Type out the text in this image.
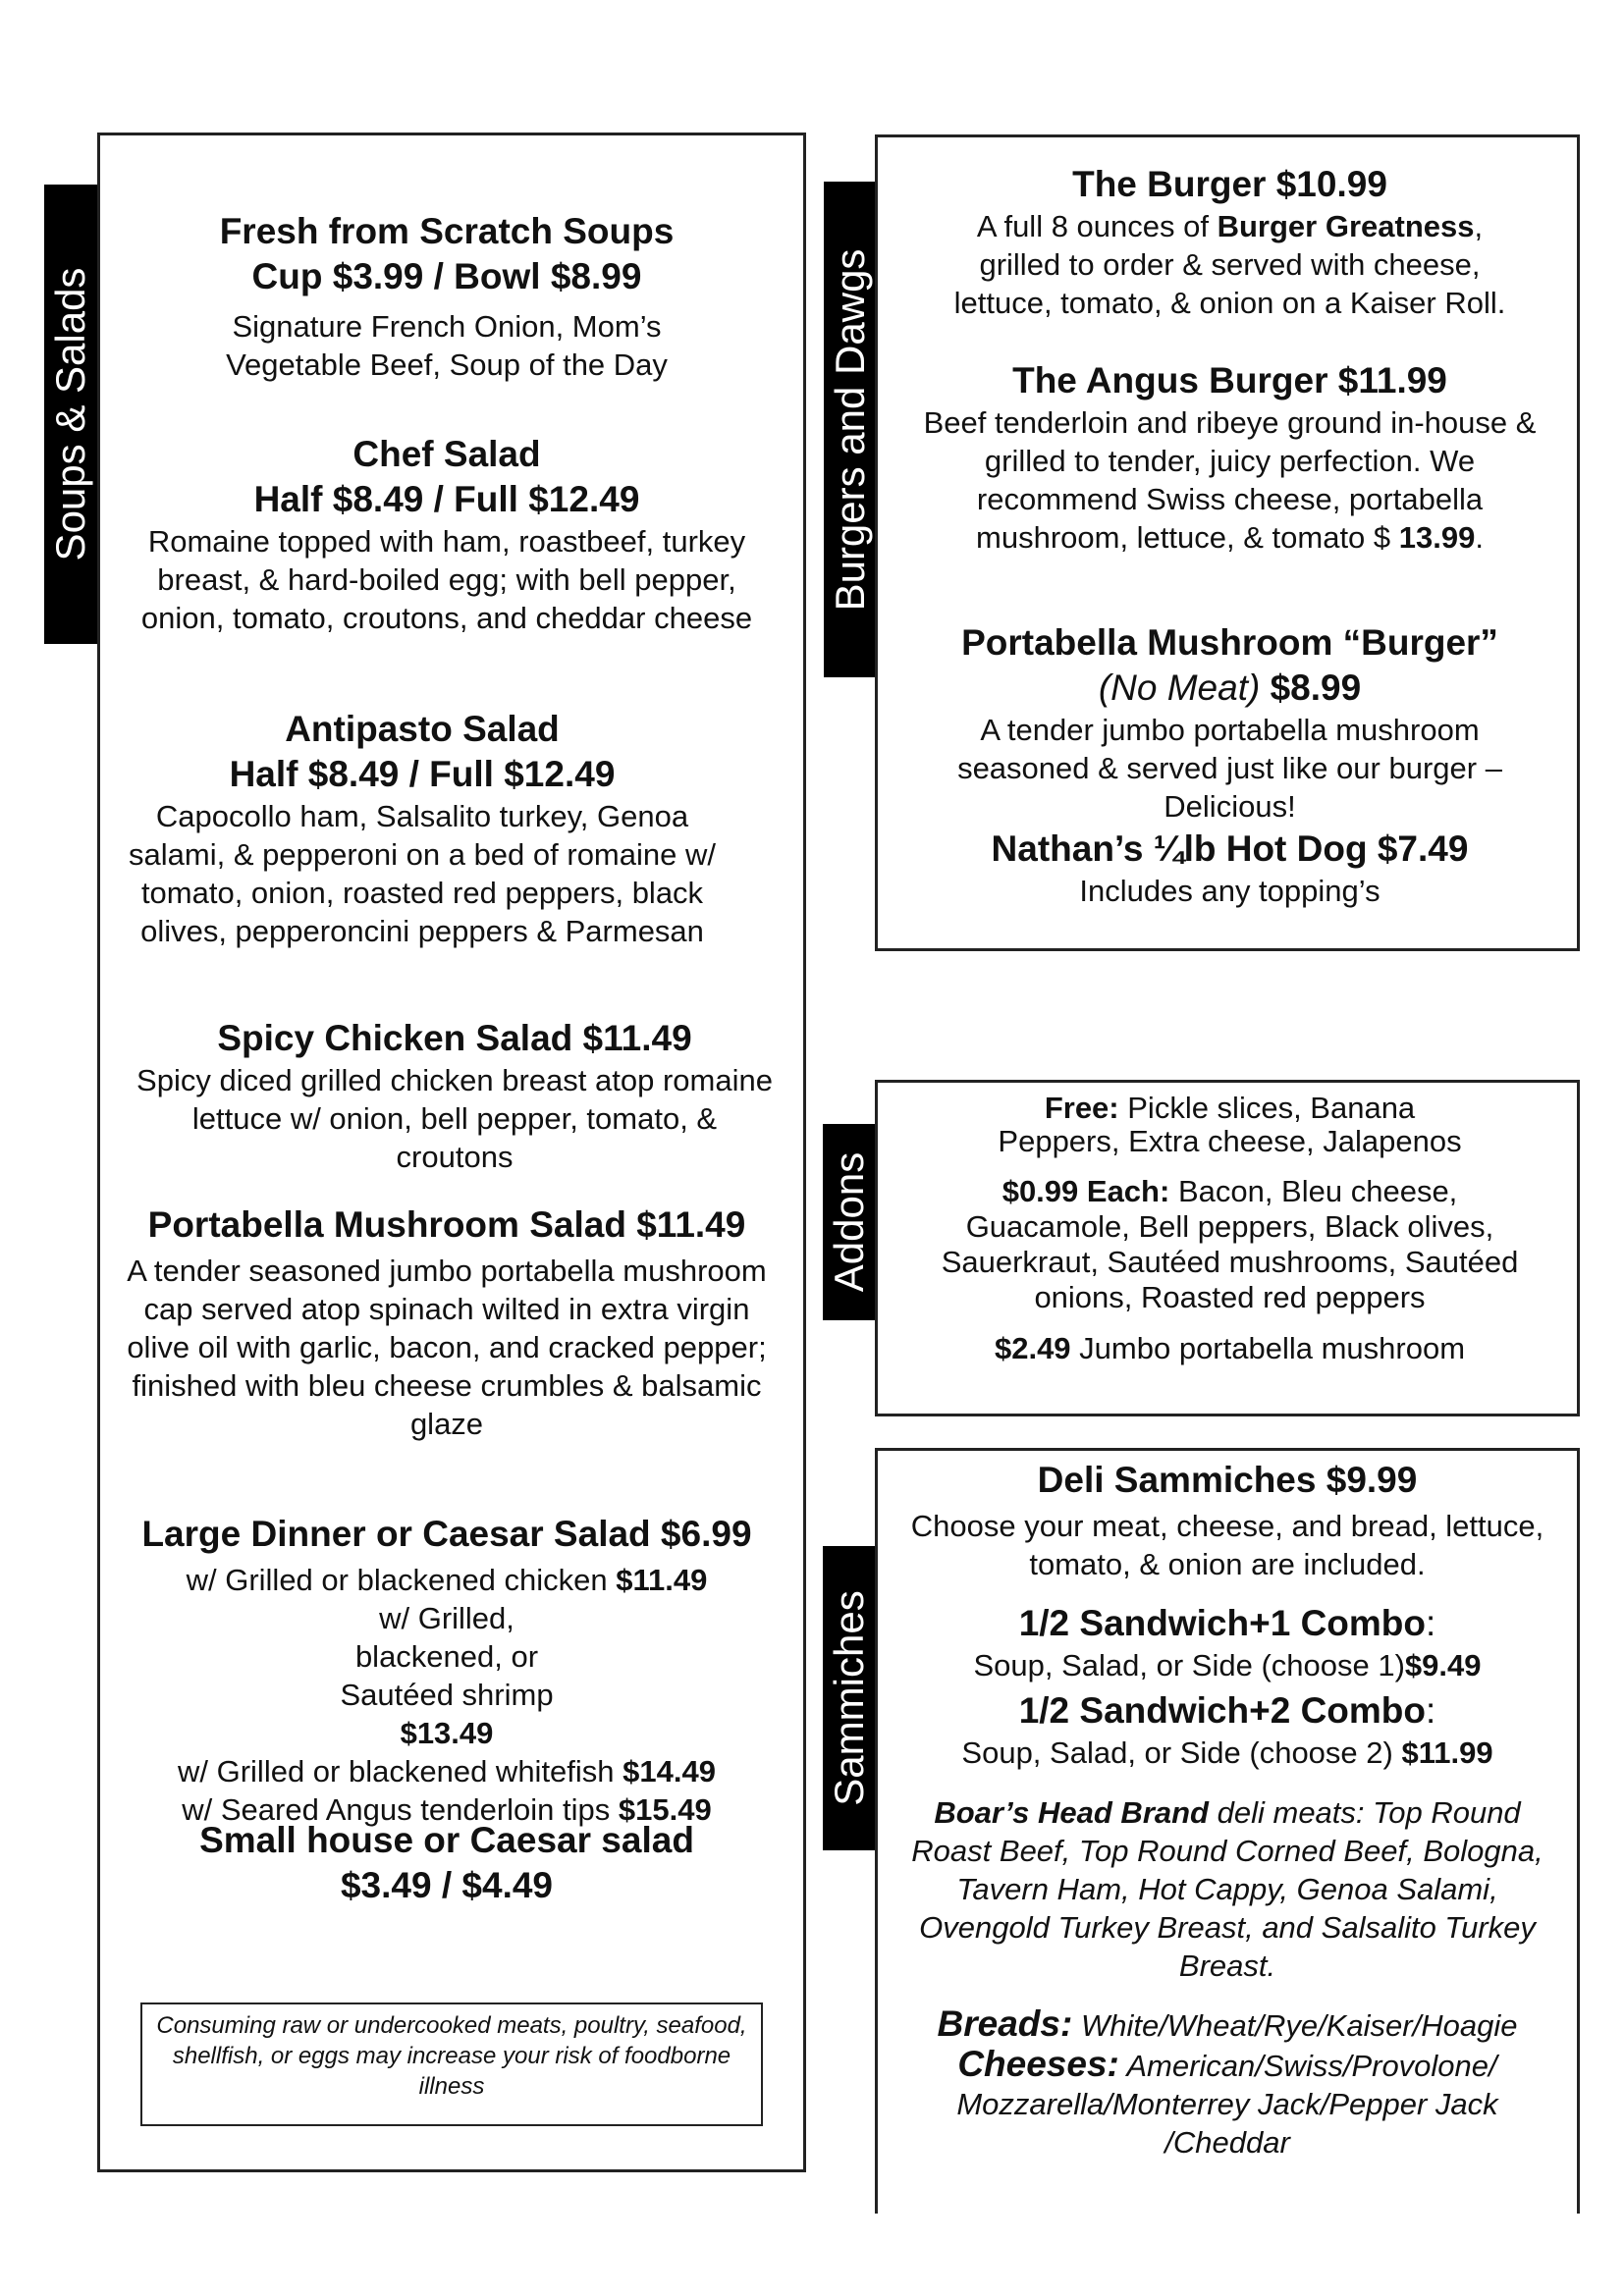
Soups & Salads
Fresh from Scratch Soups
Cup $3.99 / Bowl $8.99
Signature French Onion, Mom’s Vegetable Beef, Soup of the Day
Chef Salad
Half $8.49 / Full $12.49
Romaine topped with ham, roastbeef, turkey breast, & hard-boiled egg; with bell pepper, onion, tomato, croutons, and cheddar cheese
Antipasto Salad
Half $8.49 / Full $12.49
Capocollo ham, Salsalito turkey, Genoa salami, & pepperoni on a bed of romaine w/ tomato, onion, roasted red peppers, black olives, pepperoncini peppers & Parmesan
Spicy Chicken Salad $11.49
Spicy diced grilled chicken breast atop romaine lettuce w/ onion, bell pepper, tomato, & croutons
Portabella Mushroom Salad $11.49
A tender seasoned jumbo portabella mushroom cap served atop spinach wilted in extra virgin olive oil with garlic, bacon, and cracked pepper; finished with bleu cheese crumbles & balsamic glaze
Large Dinner or Caesar Salad $6.99
w/ Grilled or blackened chicken $11.49
w/ Grilled, blackened, or Sautéed shrimp $13.49
w/ Grilled or blackened whitefish $14.49
w/ Seared Angus tenderloin tips $15.49
Small house or Caesar salad
$3.49 / $4.49
Consuming raw or undercooked meats, poultry, seafood, shellfish, or eggs may increase your risk of foodborne illness
Burgers and Dawgs
The Burger $10.99
A full 8 ounces of Burger Greatness, grilled to order & served with cheese, lettuce, tomato, & onion on a Kaiser Roll.
The Angus Burger $11.99
Beef tenderloin and ribeye ground in-house & grilled to tender, juicy perfection. We recommend Swiss cheese, portabella mushroom, lettuce, & tomato $ 13.99.
Portabella Mushroom “Burger”
(No Meat) $8.99
A tender jumbo portabella mushroom seasoned & served just like our burger – Delicious!
Nathan’s ¼lb Hot Dog $7.49
Includes any topping’s
Addons
Free: Pickle slices, Banana Peppers, Extra cheese, Jalapenos
$0.99 Each: Bacon, Bleu cheese, Guacamole, Bell peppers, Black olives, Sauerkraut, Sautéed mushrooms, Sautéed onions, Roasted red peppers
$2.49 Jumbo portabella mushroom
Sammiches
Deli Sammiches $9.99
Choose your meat, cheese, and bread, lettuce, tomato, & onion are included.
1/2 Sandwich+1 Combo:
Soup, Salad, or Side (choose 1)$9.49
1/2 Sandwich+2 Combo:
Soup, Salad, or Side (choose 2) $11.99
Boar’s Head Brand deli meats: Top Round Roast Beef, Top Round Corned Beef, Bologna, Tavern Ham, Hot Cappy, Genoa Salami, Ovengold Turkey Breast, and Salsalito Turkey Breast.
Breads: White/Wheat/Rye/Kaiser/Hoagie
Cheeses: American/Swiss/Provolone/ Mozzarella/Monterrey Jack/Pepper Jack /Cheddar
